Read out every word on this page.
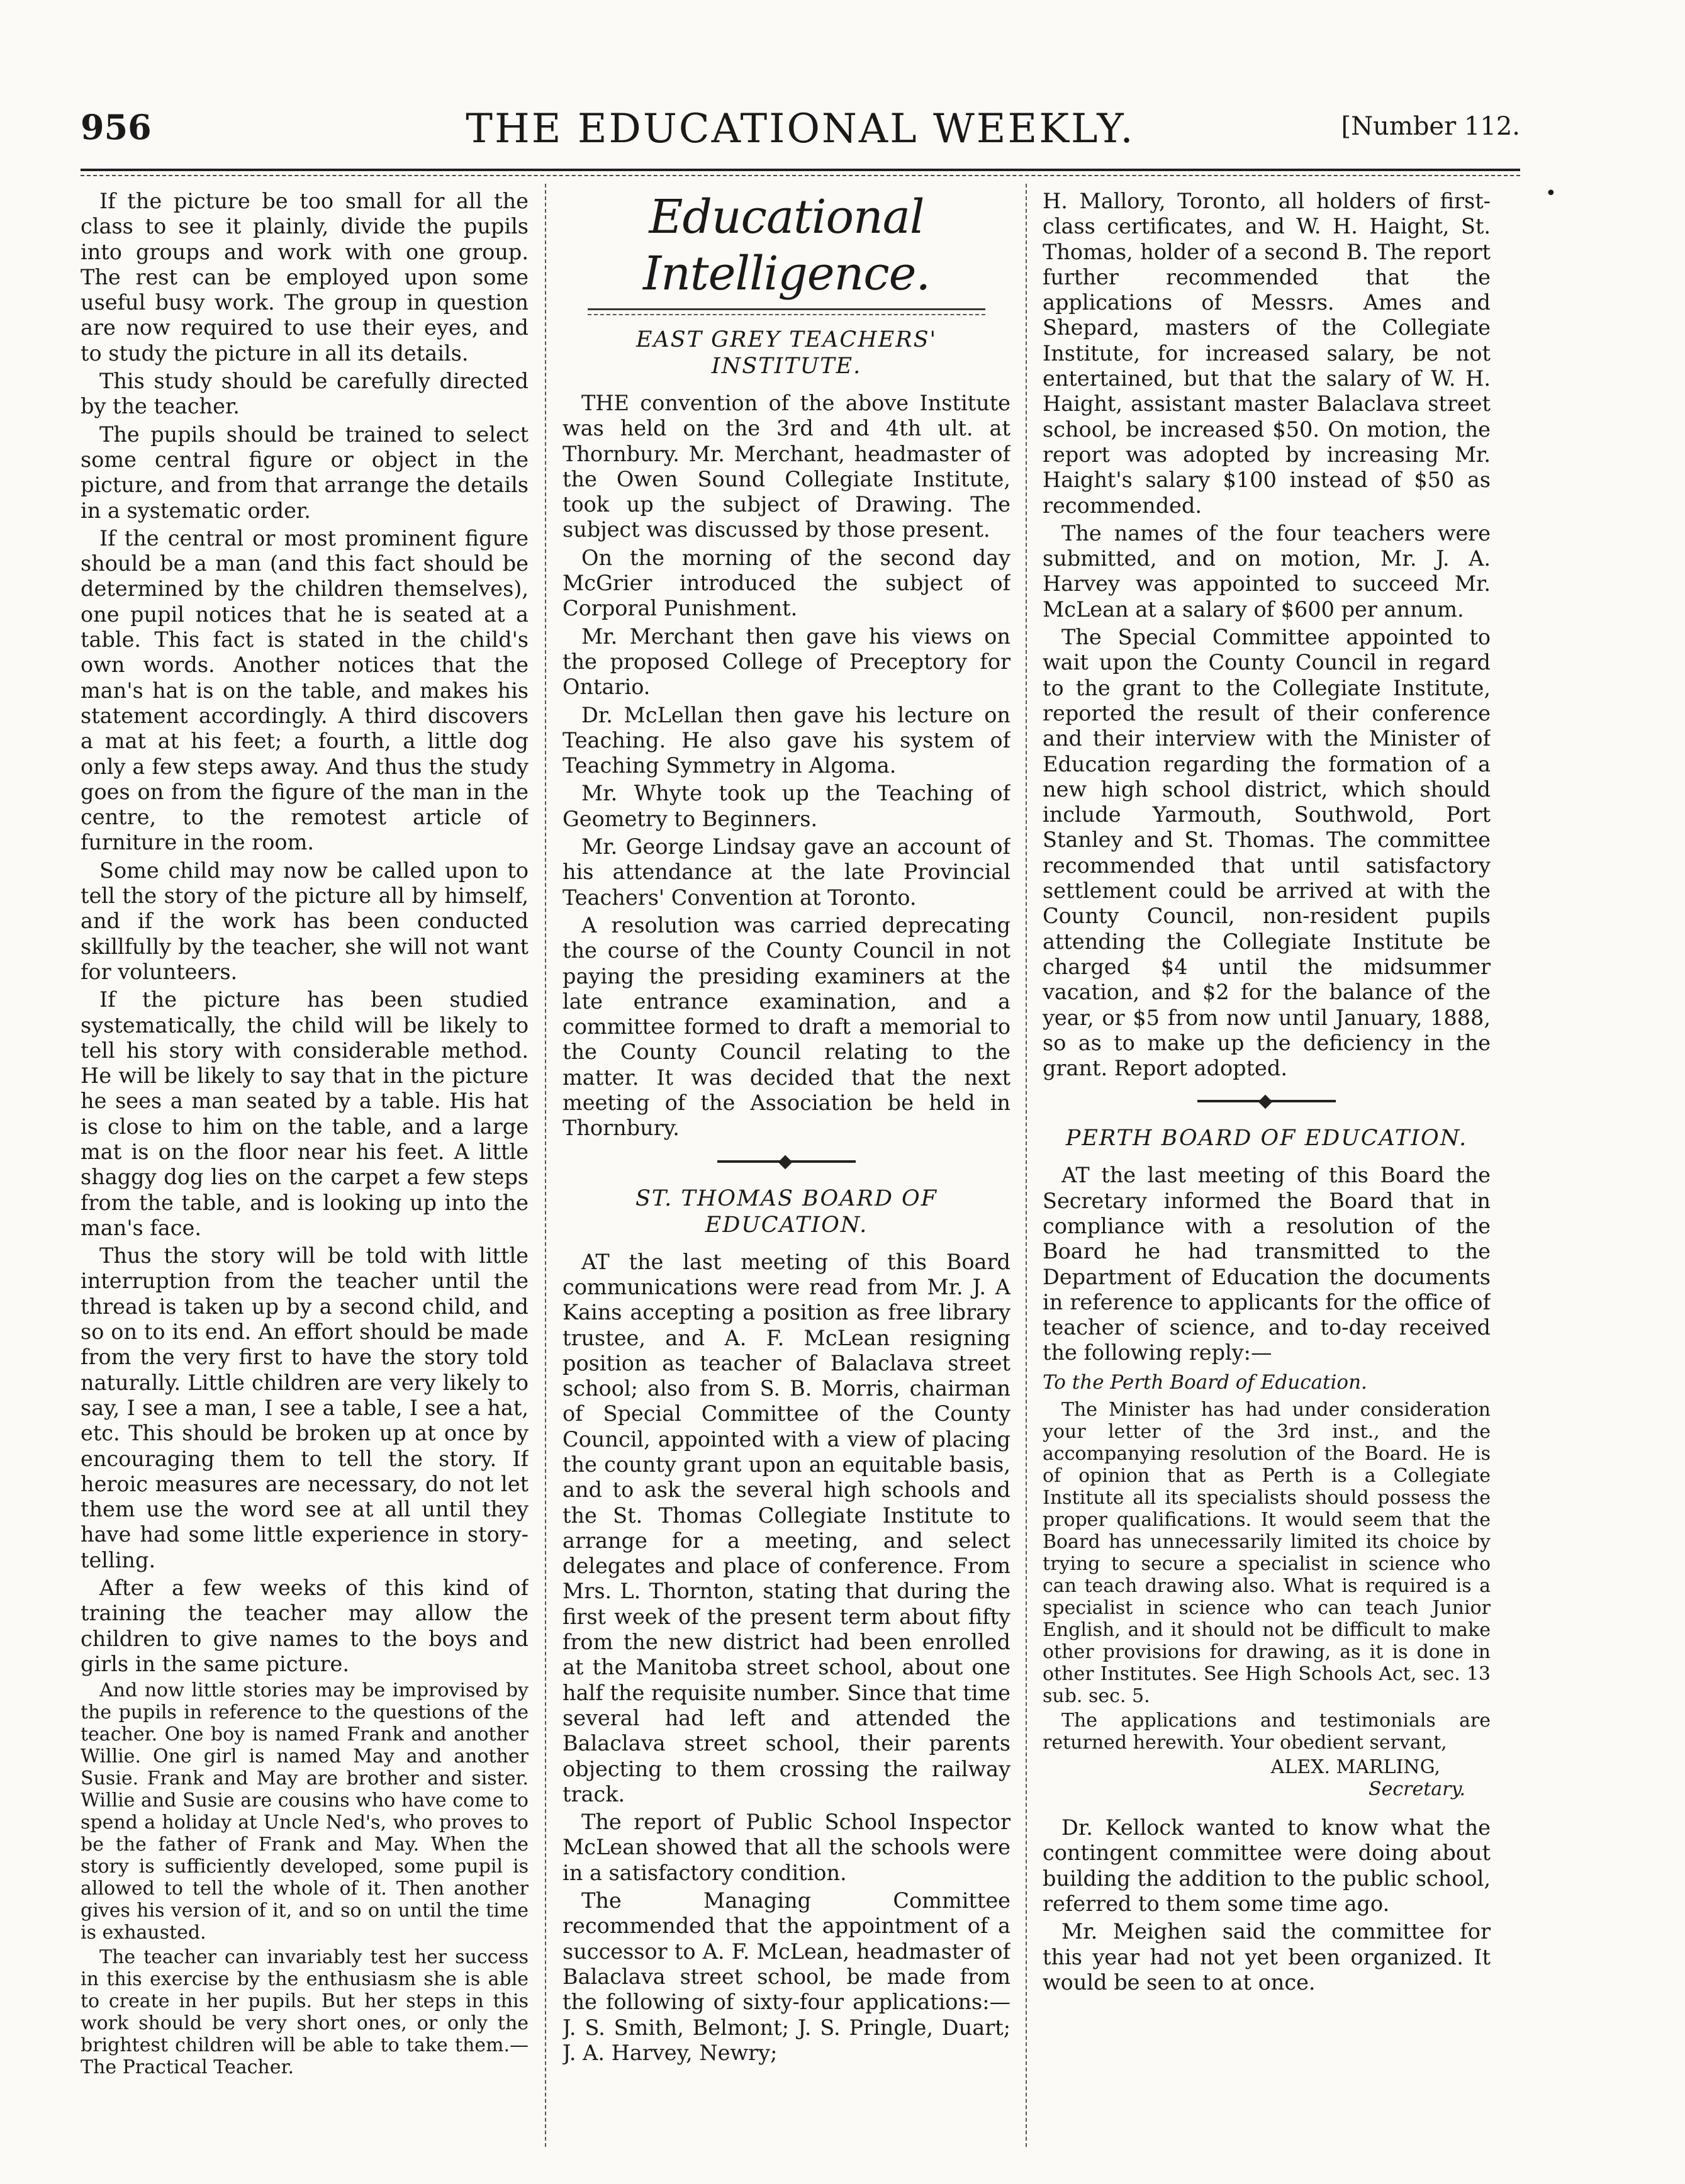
956	THE EDUCATIONAL WEEKLY.	[Number 112.
•

If the picture be too small for all the class to see it plainly, divide the pupils into groups and work with one group. The rest can be employed upon some useful busy work. The group in question are now required to use their eyes, and to study the picture in all its details.

This study should be carefully directed by the teacher.

The pupils should be trained to select some central figure or object in the picture, and from that arrange the details in a systematic order.

If the central or most prominent figure should be a man (and this fact should be determined by the children themselves), one pupil notices that he is seated at a table. This fact is stated in the child's own words. Another notices that the man's hat is on the table, and makes his statement accordingly. A third discovers a mat at his feet; a fourth, a little dog only a few steps away. And thus the study goes on from the figure of the man in the centre, to the remotest article of furniture in the room.

Some child may now be called upon to tell the story of the picture all by himself, and if the work has been conducted skillfully by the teacher, she will not want for volunteers.

If the picture has been studied systematically, the child will be likely to tell his story with considerable method. He will be likely to say that in the picture he sees a man seated by a table. His hat is close to him on the table, and a large mat is on the floor near his feet. A little shaggy dog lies on the carpet a few steps from the table, and is looking up into the man's face.

Thus the story will be told with little interruption from the teacher until the thread is taken up by a second child, and so on to its end. An effort should be made from the very first to have the story told naturally. Little children are very likely to say, I see a man, I see a table, I see a hat, etc. This should be broken up at once by encouraging them to tell the story. If heroic measures are necessary, do not let them use the word see at all until they have had some little experience in story-telling.

After a few weeks of this kind of training the teacher may allow the children to give names to the boys and girls in the same picture.

And now little stories may be improvised by the pupils in reference to the questions of the teacher. One boy is named Frank and another Willie. One girl is named May and another Susie. Frank and May are brother and sister. Willie and Susie are cousins who have come to spend a holiday at Uncle Ned's, who proves to be the father of Frank and May. When the story is sufficiently developed, some pupil is allowed to tell the whole of it. Then another gives his version of it, and so on until the time is exhausted.

The teacher can invariably test her success in this exercise by the enthusiasm she is able to create in her pupils. But her steps in this work should be very short ones, or only the brightest children will be able to take them.—The Practical Teacher.

Educational Intelligence.
EAST GREY TEACHERS' INSTITUTE.

THE convention of the above Institute was held on the 3rd and 4th ult. at Thornbury. Mr. Merchant, headmaster of the Owen Sound Collegiate Institute, took up the subject of Drawing. The subject was discussed by those present.

On the morning of the second day McGrier introduced the subject of Corporal Punishment.

Mr. Merchant then gave his views on the proposed College of Preceptory for Ontario.

Dr. McLellan then gave his lecture on Teaching. He also gave his system of Teaching Symmetry in Algoma.

Mr. Whyte took up the Teaching of Geometry to Beginners.

Mr. George Lindsay gave an account of his attendance at the late Provincial Teachers' Convention at Toronto.

A resolution was carried deprecating the course of the County Council in not paying the presiding examiners at the late entrance examination, and a committee formed to draft a memorial to the County Council relating to the matter. It was decided that the next meeting of the Association be held in Thornbury.

ST. THOMAS BOARD OF EDUCATION.

AT the last meeting of this Board communications were read from Mr. J. A Kains accepting a position as free library trustee, and A. F. McLean resigning position as teacher of Balaclava street school; also from S. B. Morris, chairman of Special Committee of the County Council, appointed with a view of placing the county grant upon an equitable basis, and to ask the several high schools and the St. Thomas Collegiate Institute to arrange for a meeting, and select delegates and place of conference. From Mrs. L. Thornton, stating that during the first week of the present term about fifty from the new district had been enrolled at the Manitoba street school, about one half the requisite number. Since that time several had left and attended the Balaclava street school, their parents objecting to them crossing the railway track.

The report of Public School Inspector McLean showed that all the schools were in a satisfactory condition.

The Managing Committee recommended that the appointment of a successor to A. F. McLean, headmaster of Balaclava street school, be made from the following of sixty-four applications:—J. S. Smith, Belmont; J. S. Pringle, Duart; J. A. Harvey, Newry;

H. Mallory, Toronto, all holders of first-class certificates, and W. H. Haight, St. Thomas, holder of a second B. The report further recommended that the applications of Messrs. Ames and Shepard, masters of the Collegiate Institute, for increased salary, be not entertained, but that the salary of W. H. Haight, assistant master Balaclava street school, be increased $50. On motion, the report was adopted by increasing Mr. Haight's salary $100 instead of $50 as recommended.

The names of the four teachers were submitted, and on motion, Mr. J. A. Harvey was appointed to succeed Mr. McLean at a salary of $600 per annum.

The Special Committee appointed to wait upon the County Council in regard to the grant to the Collegiate Institute, reported the result of their conference and their interview with the Minister of Education regarding the formation of a new high school district, which should include Yarmouth, Southwold, Port Stanley and St. Thomas. The committee recommended that until satisfactory settlement could be arrived at with the County Council, non-resident pupils attending the Collegiate Institute be charged $4 until the midsummer vacation, and $2 for the balance of the year, or $5 from now until January, 1888, so as to make up the deficiency in the grant. Report adopted.

PERTH BOARD OF EDUCATION.

AT the last meeting of this Board the Secretary informed the Board that in compliance with a resolution of the Board he had transmitted to the Department of Education the documents in reference to applicants for the office of teacher of science, and to-day received the following reply:—

To the Perth Board of Education.

The Minister has had under consideration your letter of the 3rd inst., and the accompanying resolution of the Board. He is of opinion that as Perth is a Collegiate Institute all its specialists should possess the proper qualifications. It would seem that the Board has unnecessarily limited its choice by trying to secure a specialist in science who can teach drawing also. What is required is a specialist in science who can teach Junior English, and it should not be difficult to make other provisions for drawing, as it is done in other Institutes. See High Schools Act, sec. 13 sub. sec. 5.

The applications and testimonials are returned herewith. Your obedient servant,

ALEX. MARLING,
Secretary.

Dr. Kellock wanted to know what the contingent committee were doing about building the addition to the public school, referred to them some time ago.

Mr. Meighen said the committee for this year had not yet been organized. It would be seen to at once.
